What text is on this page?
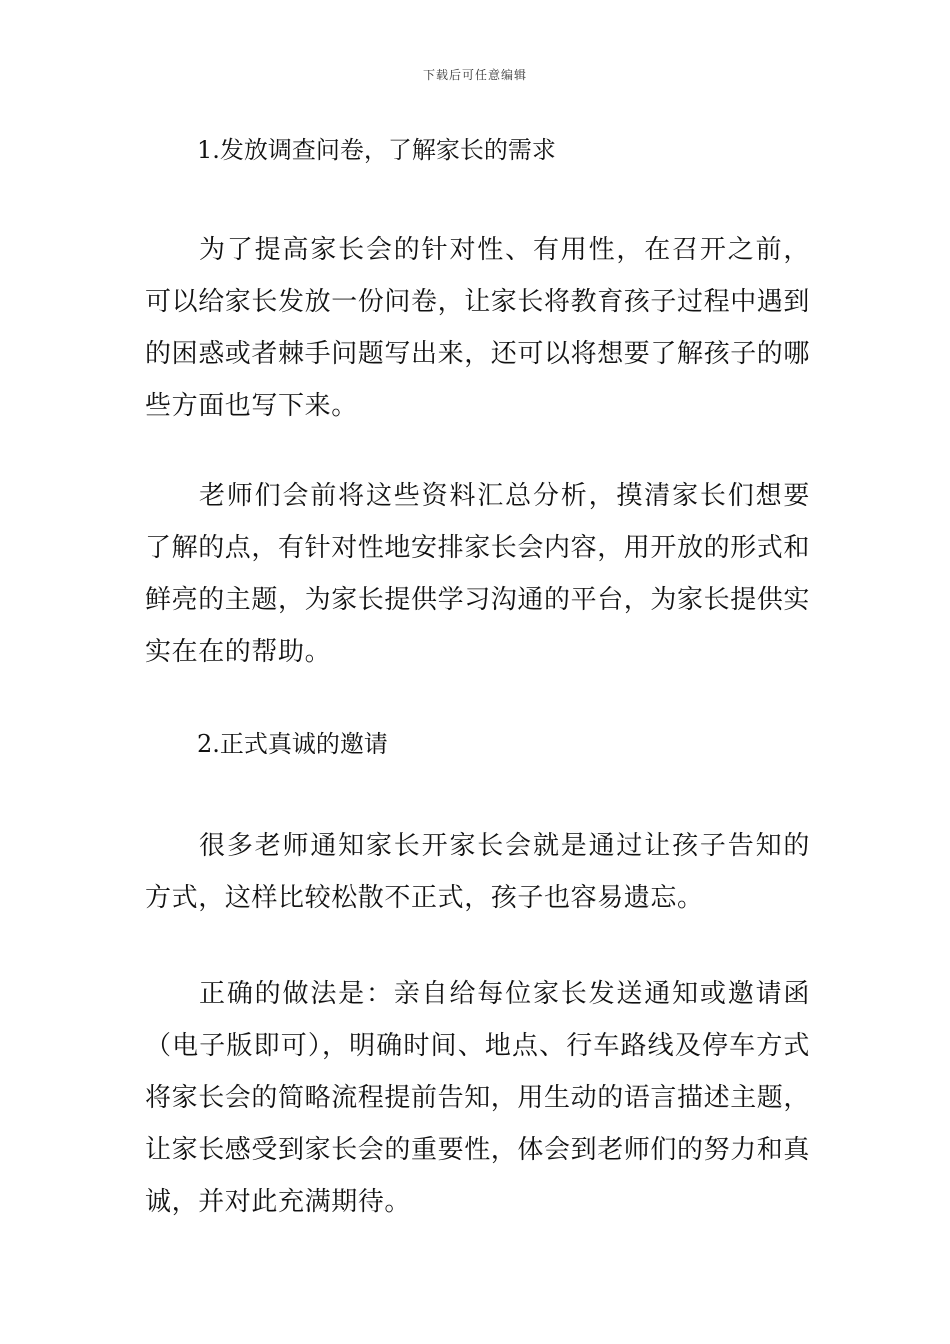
下载后可任意编辑
1.发放调查问卷，了解家长的需求

为了提高家长会的针对性、有用性，在召开之前，可以给家长发放一份问卷，让家长将教育孩子过程中遇到的困惑或者棘手问题写出来，还可以将想要了解孩子的哪些方面也写下来。

老师们会前将这些资料汇总分析，摸清家长们想要了解的点，有针对性地安排家长会内容，用开放的形式和鲜亮的主题，为家长提供学习沟通的平台，为家长提供实实在在的帮助。

2.正式真诚的邀请

很多老师通知家长开家长会就是通过让孩子告知的方式，这样比较松散不正式，孩子也容易遗忘。

正确的做法是：亲自给每位家长发送通知或邀请函（电子版即可），明确时间、地点、行车路线及停车方式将家长会的简略流程提前告知，用生动的语言描述主题，让家长感受到家长会的重要性，体会到老师们的努力和真诚，并对此充满期待。
